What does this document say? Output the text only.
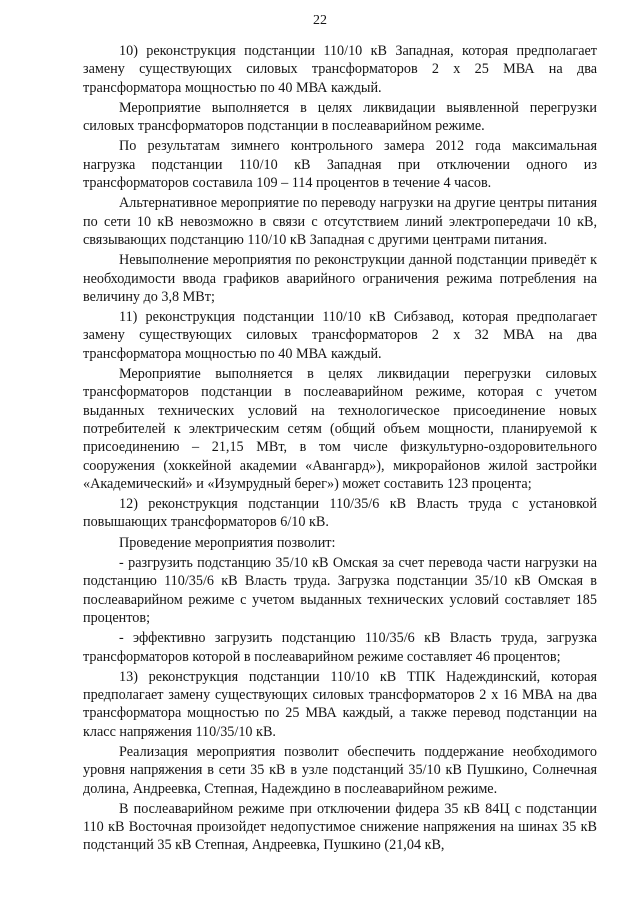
22

10) реконструкция подстанции 110/10 кВ Западная, которая предполагает замену существующих силовых трансформаторов 2 х 25 МВА на два трансформатора мощностью по 40 МВА каждый.

Мероприятие выполняется в целях ликвидации выявленной перегрузки силовых трансформаторов подстанции в послеаварийном режиме.

По результатам зимнего контрольного замера 2012 года максимальная нагрузка подстанции 110/10 кВ Западная при отключении одного из трансформаторов составила 109 – 114 процентов в течение 4 часов.

Альтернативное мероприятие по переводу нагрузки на другие центры питания по сети 10 кВ невозможно в связи с отсутствием линий электропередачи 10 кВ, связывающих подстанцию 110/10 кВ Западная с другими центрами питания.

Невыполнение мероприятия по реконструкции данной подстанции приведёт к необходимости ввода графиков аварийного ограничения режима потребления на величину до 3,8 МВт;

11) реконструкция подстанции 110/10 кВ Сибзавод, которая предполагает замену существующих силовых трансформаторов 2 х 32 МВА на два трансформатора мощностью по 40 МВА каждый.

Мероприятие выполняется в целях ликвидации перегрузки силовых трансформаторов подстанции в послеаварийном режиме, которая с учетом выданных технических условий на технологическое присоединение новых потребителей к электрическим сетям (общий объем мощности, планируемой к присоединению – 21,15 МВт, в том числе физкультурно-оздоровительного сооружения (хоккейной академии «Авангард»), микрорайонов жилой застройки «Академический» и «Изумрудный берег») может составить 123 процента;

12) реконструкция подстанции 110/35/6 кВ Власть труда с установкой повышающих трансформаторов 6/10 кВ.

Проведение мероприятия позволит:

- разгрузить подстанцию 35/10 кВ Омская за счет перевода части нагрузки на подстанцию 110/35/6 кВ Власть труда. Загрузка подстанции 35/10 кВ Омская в послеаварийном режиме с учетом выданных технических условий составляет 185 процентов;

- эффективно загрузить подстанцию 110/35/6 кВ Власть труда, загрузка трансформаторов которой в послеаварийном режиме составляет 46 процентов;

13) реконструкция подстанции 110/10 кВ ТПК Надеждинский, которая предполагает замену существующих силовых трансформаторов 2 х 16 МВА на два трансформатора мощностью по 25 МВА каждый, а также перевод подстанции на класс напряжения 110/35/10 кВ.

Реализация мероприятия позволит обеспечить поддержание необходимого уровня напряжения в сети 35 кВ в узле подстанций 35/10 кВ Пушкино, Солнечная долина, Андреевка, Степная, Надеждино в послеаварийном режиме.

В послеаварийном режиме при отключении фидера 35 кВ 84Ц с подстанции 110 кВ Восточная произойдет недопустимое снижение напряжения на шинах 35 кВ подстанций 35 кВ Степная, Андреевка, Пушкино (21,04 кВ,
